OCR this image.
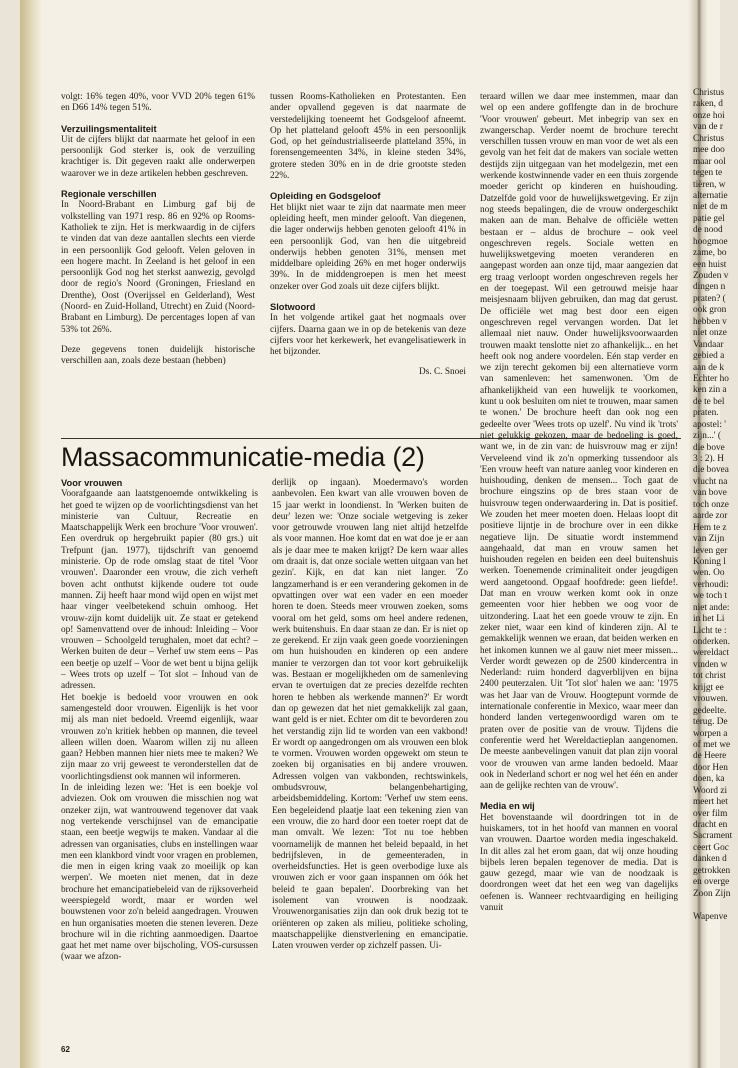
volgt: 16% tegen 40%, voor VVD 20% tegen 61% en D66 14% tegen 51%.

Verzuilingsmentaliteit

Uit de cijfers blijkt dat naarmate het geloof in een persoonlijk God sterker is, ook de verzuiling krachtiger is. Dit gegeven raakt alle onderwerpen waarover we in deze artikelen hebben geschreven.

Regionale verschillen

In Noord-Brabant en Limburg gaf bij de volkstelling van 1971 resp. 86 en 92% op Rooms-Katholiek te zijn. Het is merkwaardig in de cijfers te vinden dat van deze aantallen slechts een vierde in een persoonlijk God gelooft. Velen geloven in een hogere macht. In Zeeland is het geloof in een persoonlijk God nog het sterkst aanwezig, gevolgd door de regio's Noord (Groningen, Friesland en Drenthe), Oost (Overijssel en Gelderland), West (Noord- en Zuid-Holland, Utrecht) en Zuid (Noord-Brabant en Limburg). De percentages lopen af van 53% tot 26%.

Deze gegevens tonen duidelijk historische verschillen aan, zoals deze bestaan (hebben)

tussen Rooms-Katholieken en Protestanten. Een ander opvallend gegeven is dat naarmate de verstedelijking toeneemt het Godsgeloof afneemt. Op het platteland gelooft 45% in een persoonlijk God, op het geïndustrialiseerde platteland 35%, in forensengemeenten 34%, in kleine steden 34%, grotere steden 30% en in de drie grootste steden 22%.

Opleiding en Godsgeloof

Het blijkt niet waar te zijn dat naarmate men meer opleiding heeft, men minder gelooft. Van diegenen, die lager onderwijs hebben genoten gelooft 41% in een persoonlijk God, van hen die uitgebreid onderwijs hebben genoten 31%, mensen met middelbare opleiding 26% en met hoger onderwijs 39%. In de middengroepen is men het meest onzeker over God zoals uit deze cijfers blijkt.

Slotwoord

In het volgende artikel gaat het nogmaals over cijfers. Daarna gaan we in op de betekenis van deze cijfers voor het kerkewerk, het evangelisatiewerk in het bijzonder.

Ds. C. Snoei
Massacommunicatie-media (2)
Voor vrouwen

Voorafgaande aan laatstgenoemde ontwikkeling is het goed te wijzen op de voorlichtingsdienst van het ministerie van Cultuur, Recreatie en Maatschappelijk Werk een brochure 'Voor vrouwen'. Een overdruk op hergebruikt papier (80 grs.) uit Trefpunt (jan. 1977), tijdschrift van genoemd ministerie. Op de rode omslag staat de titel 'Voor vrouwen'. Daaronder een vrouw, die zich verheft boven acht onthutst kijkende oudere tot oude mannen. Zij heeft haar mond wijd open en wijst met haar vinger veelbetekend schuin omhoog. Het vrouw-zijn komt duidelijk uit. Ze staat er getekend op! Samenvattend over de inhoud: Inleiding – Voor vrouwen – Schoolgeld terughalen, moet dat echt? – Werken buiten de deur – Verhef uw stem eens – Pas een beetje op uzelf – Voor de wet bent u bijna gelijk – Wees trots op uzelf – Tot slot – Inhoud van de adressen.

Het boekje is bedoeld voor vrouwen en ook samengesteld door vrouwen. Eigenlijk is het voor mij als man niet bedoeld. Vreemd eigenlijk, waar vrouwen zo'n kritiek hebben op mannen, die teveel alleen willen doen. Waarom willen zij nu alleen gaan? Hebben mannen hier niets mee te maken? We zijn maar zo vrij geweest te veronderstellen dat de voorlichtingsdienst ook mannen wil informeren.

In de inleiding lezen we: 'Het is een boekje vol adviezen. Ook om vrouwen die misschien nog wat onzeker zijn, wat wantrouwend tegenover dat vaak nog vertekende verschijnsel van de emancipatie staan, een beetje wegwijs te maken. Vandaar al die adressen van organisaties, clubs en instellingen waar men een klankbord vindt voor vragen en problemen, die men in eigen kring vaak zo moeilijk op kan werpen'. We moeten niet menen, dat in deze brochure het emancipatiebeleid van de rijksoverheid weerspiegeld wordt, maar er worden wel bouwstenen voor zo'n beleid aangedragen. Vrouwen en hun organisaties moeten die stenen leveren. Deze brochure wil in die richting aanmoedigen. Daartoe gaat het met name over bijscholing, VOS-cursussen (waar we afzon-

derlijk op ingaan). Moedermavo's worden aanbevolen. Een kwart van alle vrouwen boven de 15 jaar werkt in loondienst. In 'Werken buiten de deur' lezen we: 'Onze sociale wetgeving is zeker voor getrouwde vrouwen lang niet altijd hetzelfde als voor mannen. Hoe komt dat en wat doe je er aan als je daar mee te maken krijgt? De kern waar alles om draait is, dat onze sociale wetten uitgaan van het gezin'. Kijk, en dat kan niet langer. 'Zo langzamerhand is er een verandering gekomen in de opvattingen over wat een vader en een moeder horen te doen. Steeds meer vrouwen zoeken, soms vooral om het geld, soms om heel andere redenen, werk buitenshuis. En daar staan ze dan. Er is niet op ze gerekend. Er zijn vaak geen goede voorzieningen om hun huishouden en kinderen op een andere manier te verzorgen dan tot voor kort gebruikelijk was. Bestaan er mogelijkheden om de samenleving ervan te overtuigen dat ze precies dezelfde rechten horen te hebben als werkende mannen?' Er wordt dan op gewezen dat het niet gemakkelijk zal gaan, want geld is er niet. Echter om dit te bevorderen zou het verstandig zijn lid te worden van een vakbond! Er wordt op aangedrongen om als vrouwen een blok te vormen. Vrouwen worden opgewekt om steun te zoeken bij organisaties en bij andere vrouwen. Adressen volgen van vakbonden, rechtswinkels, ombudsvrouw, belangenbehartiging, arbeidsbemiddeling. Kortom: 'Verhef uw stem eens. Een begeleidend plaatje laat een tekening zien van een vrouw, die zo hard door een toeter roept dat de man omvalt. We lezen: 'Tot nu toe hebben voornamelijk de mannen het beleid bepaald, in het bedrijfsleven, in de gemeenteraden, in overheidsfuncties. Het is geen overbodige luxe als vrouwen zich er voor gaan inspannen om óók het beleid te gaan bepalen'. Doorbreking van het isolement van vrouwen is noodzaak. Vrouwenorganisaties zijn dan ook druk bezig tot te oriënteren op zaken als milieu, politieke scholing, maatschappelijke dienstverlening en emancipatie. Laten vrouwen verder op zichzelf passen. Ui-

teraard willen we daar mee instemmen, maar dan wel op een andere goflfengte dan in de brochure 'Voor vrouwen' gebeurt. Met inbegrip van sex en zwangerschap. Verder noemt de brochure terecht verschillen tussen vrouw en man voor de wet als een gevolg van het feit dat de makers van sociale wetten destijds zijn uitgegaan van het modelgezin, met een werkende kostwinnende vader en een thuis zorgende moeder gericht op kinderen en huishouding. Datzelfde gold voor de huwelijkswetgeving. Er zijn nog steeds bepalingen, die de vrouw ondergeschikt maken aan de man. Behalve de officiële wetten bestaan er – aldus de brochure – ook veel ongeschreven regels. Sociale wetten en huwelijkswetgeving moeten veranderen en aangepast worden aan onze tijd, maar aangezien dat erg traag verloopt worden ongeschreven regels her en der toegepast. Wil een getrouwd meisje haar meisjesnaam blijven gebruiken, dan mag dat gerust. De officiële wet mag best door een eigen ongeschreven regel vervangen worden. Dat let allemaal niet nauw. Onder huwelijksvoorwaarden trouwen maakt tenslotte niet zo afhankelijk... en het heeft ook nog andere voordelen. Eén stap verder en we zijn terecht gekomen bij een alternatieve vorm van samenleven: het samenwonen. 'Om de afhankelijkheid van een huwelijk te voorkomen, kunt u ook besluiten om niet te trouwen, maar samen te wonen.' De brochure heeft dan ook nog een gedeelte over 'Wees trots op uzelf'. Nu vind ik 'trots' niet gelukkig gekozen, maar de bedoeling is goed, want we, in de zin van: de huisvrouw mag er zijn! Verveleend vind ik zo'n opmerking tussendoor als 'Een vrouw heeft van nature aanleg voor kinderen en huishouding, denken de mensen... Toch gaat de brochure eingszins op de bres staan voor de huisvrouw tegen onderwaardering in. Dat is positief. We zouden het meer moeten doen. Helaas loopt dit positieve lijntje in de brochure over in een dikke negatieve lijn. De situatie wordt instemmend aangehaald, dat man en vrouw samen het huishouden regelen en beiden een deel buitenshuis werken. Toenemende criminaliteit onder jeugdigen werd aangetoond. Opgaaf hoofdrede: geen liefde!. Dat man en vrouw werken komt ook in onze gemeenten voor hier hebben we oog voor de uitzondering. Laat het een goede vrouw te zijn. En zeker niet, waar een kind of kinderen zijn. Al te gemakkelijk wennen we eraan, dat beiden werken en het inkomen kunnen we al gauw niet meer missen... Verder wordt gewezen op de 2500 kindercentra in Nederland: ruim honderd dagverblijven en bijna 2400 peuterzalen. Uit 'Tot slot' halen we aan: '1975 was het Jaar van de Vrouw. Hoogtepunt vormde de internationale conferentie in Mexico, waar meer dan honderd landen vertegenwoordigd waren om te praten over de positie van de vrouw. Tijdens die conferentie werd het Wereldactieplan aangenomen. De meeste aanbevelingen vanuit dat plan zijn vooral voor de vrouwen van arme landen bedoeld. Maar ook in Nederland schort er nog wel het één en ander aan de gelijke rechten van de vrouw'.

Media en wij

Het bovenstaande wil doordringen tot in de huiskamers, tot in het hoofd van mannen en vooral van vrouwen. Daartoe worden media ingeschakeld. In dit alles zal het erom gaan, dat wij onze houding bijbels leren bepalen tegenover de media. Dat is gauw gezegd, maar wie van de noodzaak is doordrongen weet dat het een weg van dagelijks oefenen is. Wanneer rechtvaardiging en heiliging vanuit

62
Christus
raken, d
onze hoi
van de r
Christus
mee doo
maar ool
tegen te
tiëren, w
alternatie
niet de m
patie gel
de nood
hoogmoe
zame, bo
een huist
Zouden v
dingen n
praten? (
ook gron
hebben v
niet onze
Vandaar
gebied a
aan de k
Echter ho
ken zin a
de te bel
praten.
apostel: '
zijn...' (
die bove
3 : 2). H
die bovea
vlucht na
van bove
toch onze
aarde zor
Hem te z
van Zijn
leven ger
Koning l
wen. Oo
verhoudi:
we toch t
niet ande:
in het Li
Licht te :
onderken.
wereldact
vinden w
tot christ
krijgt ee
vrouwen.
gedeelte.
terug. De
worpen a
of met we
de Heere
door Hen
doen, ka
Woord zi
meert het
over film
dracht en
Sacrament
ceert Goc
danken d
getrokken
en overge
Zoon Zijn
Wapenve
